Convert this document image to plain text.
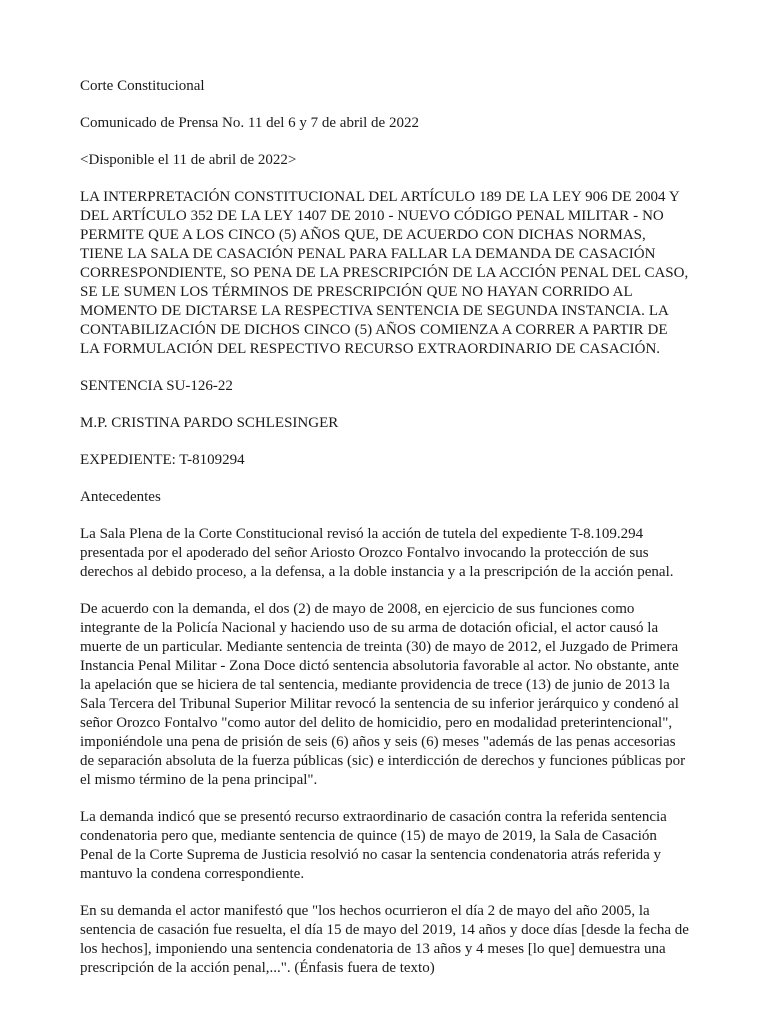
Corte Constitucional

Comunicado de Prensa No. 11 del 6 y 7 de abril de 2022

<Disponible el 11 de abril de 2022>

LA INTERPRETACIÓN CONSTITUCIONAL DEL ARTÍCULO 189 DE LA LEY 906 DE 2004 Y DEL ARTÍCULO 352 DE LA LEY 1407 DE 2010 - NUEVO CÓDIGO PENAL MILITAR - NO PERMITE QUE A LOS CINCO (5) AÑOS QUE, DE ACUERDO CON DICHAS NORMAS, TIENE LA SALA DE CASACIÓN PENAL PARA FALLAR LA DEMANDA DE CASACIÓN CORRESPONDIENTE, SO PENA DE LA PRESCRIPCIÓN DE LA ACCIÓN PENAL DEL CASO, SE LE SUMEN LOS TÉRMINOS DE PRESCRIPCIÓN QUE NO HAYAN CORRIDO AL MOMENTO DE DICTARSE LA RESPECTIVA SENTENCIA DE SEGUNDA INSTANCIA. LA CONTABILIZACIÓN DE DICHOS CINCO (5) AÑOS COMIENZA A CORRER A PARTIR DE LA FORMULACIÓN DEL RESPECTIVO RECURSO EXTRAORDINARIO DE CASACIÓN.

SENTENCIA SU-126-22

M.P. CRISTINA PARDO SCHLESINGER

EXPEDIENTE: T-8109294

Antecedentes

La Sala Plena de la Corte Constitucional revisó la acción de tutela del expediente T-8.109.294 presentada por el apoderado del señor Ariosto Orozco Fontalvo invocando la protección de sus derechos al debido proceso, a la defensa, a la doble instancia y a la prescripción de la acción penal.

De acuerdo con la demanda, el dos (2) de mayo de 2008, en ejercicio de sus funciones como integrante de la Policía Nacional y haciendo uso de su arma de dotación oficial, el actor causó la muerte de un particular. Mediante sentencia de treinta (30) de mayo de 2012, el Juzgado de Primera Instancia Penal Militar - Zona Doce dictó sentencia absolutoria favorable al actor. No obstante, ante la apelación que se hiciera de tal sentencia, mediante providencia de trece (13) de junio de 2013 la Sala Tercera del Tribunal Superior Militar revocó la sentencia de su inferior jerárquico y condenó al señor Orozco Fontalvo "como autor del delito de homicidio, pero en modalidad preterintencional", imponiéndole una pena de prisión de seis (6) años y seis (6) meses "además de las penas accesorias de separación absoluta de la fuerza públicas (sic) e interdicción de derechos y funciones públicas por el mismo término de la pena principal".

La demanda indicó que se presentó recurso extraordinario de casación contra la referida sentencia condenatoria pero que, mediante sentencia de quince (15) de mayo de 2019, la Sala de Casación Penal de la Corte Suprema de Justicia resolvió no casar la sentencia condenatoria atrás referida y mantuvo la condena correspondiente.

En su demanda el actor manifestó que "los hechos ocurrieron el día 2 de mayo del año 2005, la sentencia de casación fue resuelta, el día 15 de mayo del 2019, 14 años y doce días [desde la fecha de los hechos], imponiendo una sentencia condenatoria de 13 años y 4 meses [lo que] demuestra una prescripción de la acción penal,...". (Énfasis fuera de texto)
